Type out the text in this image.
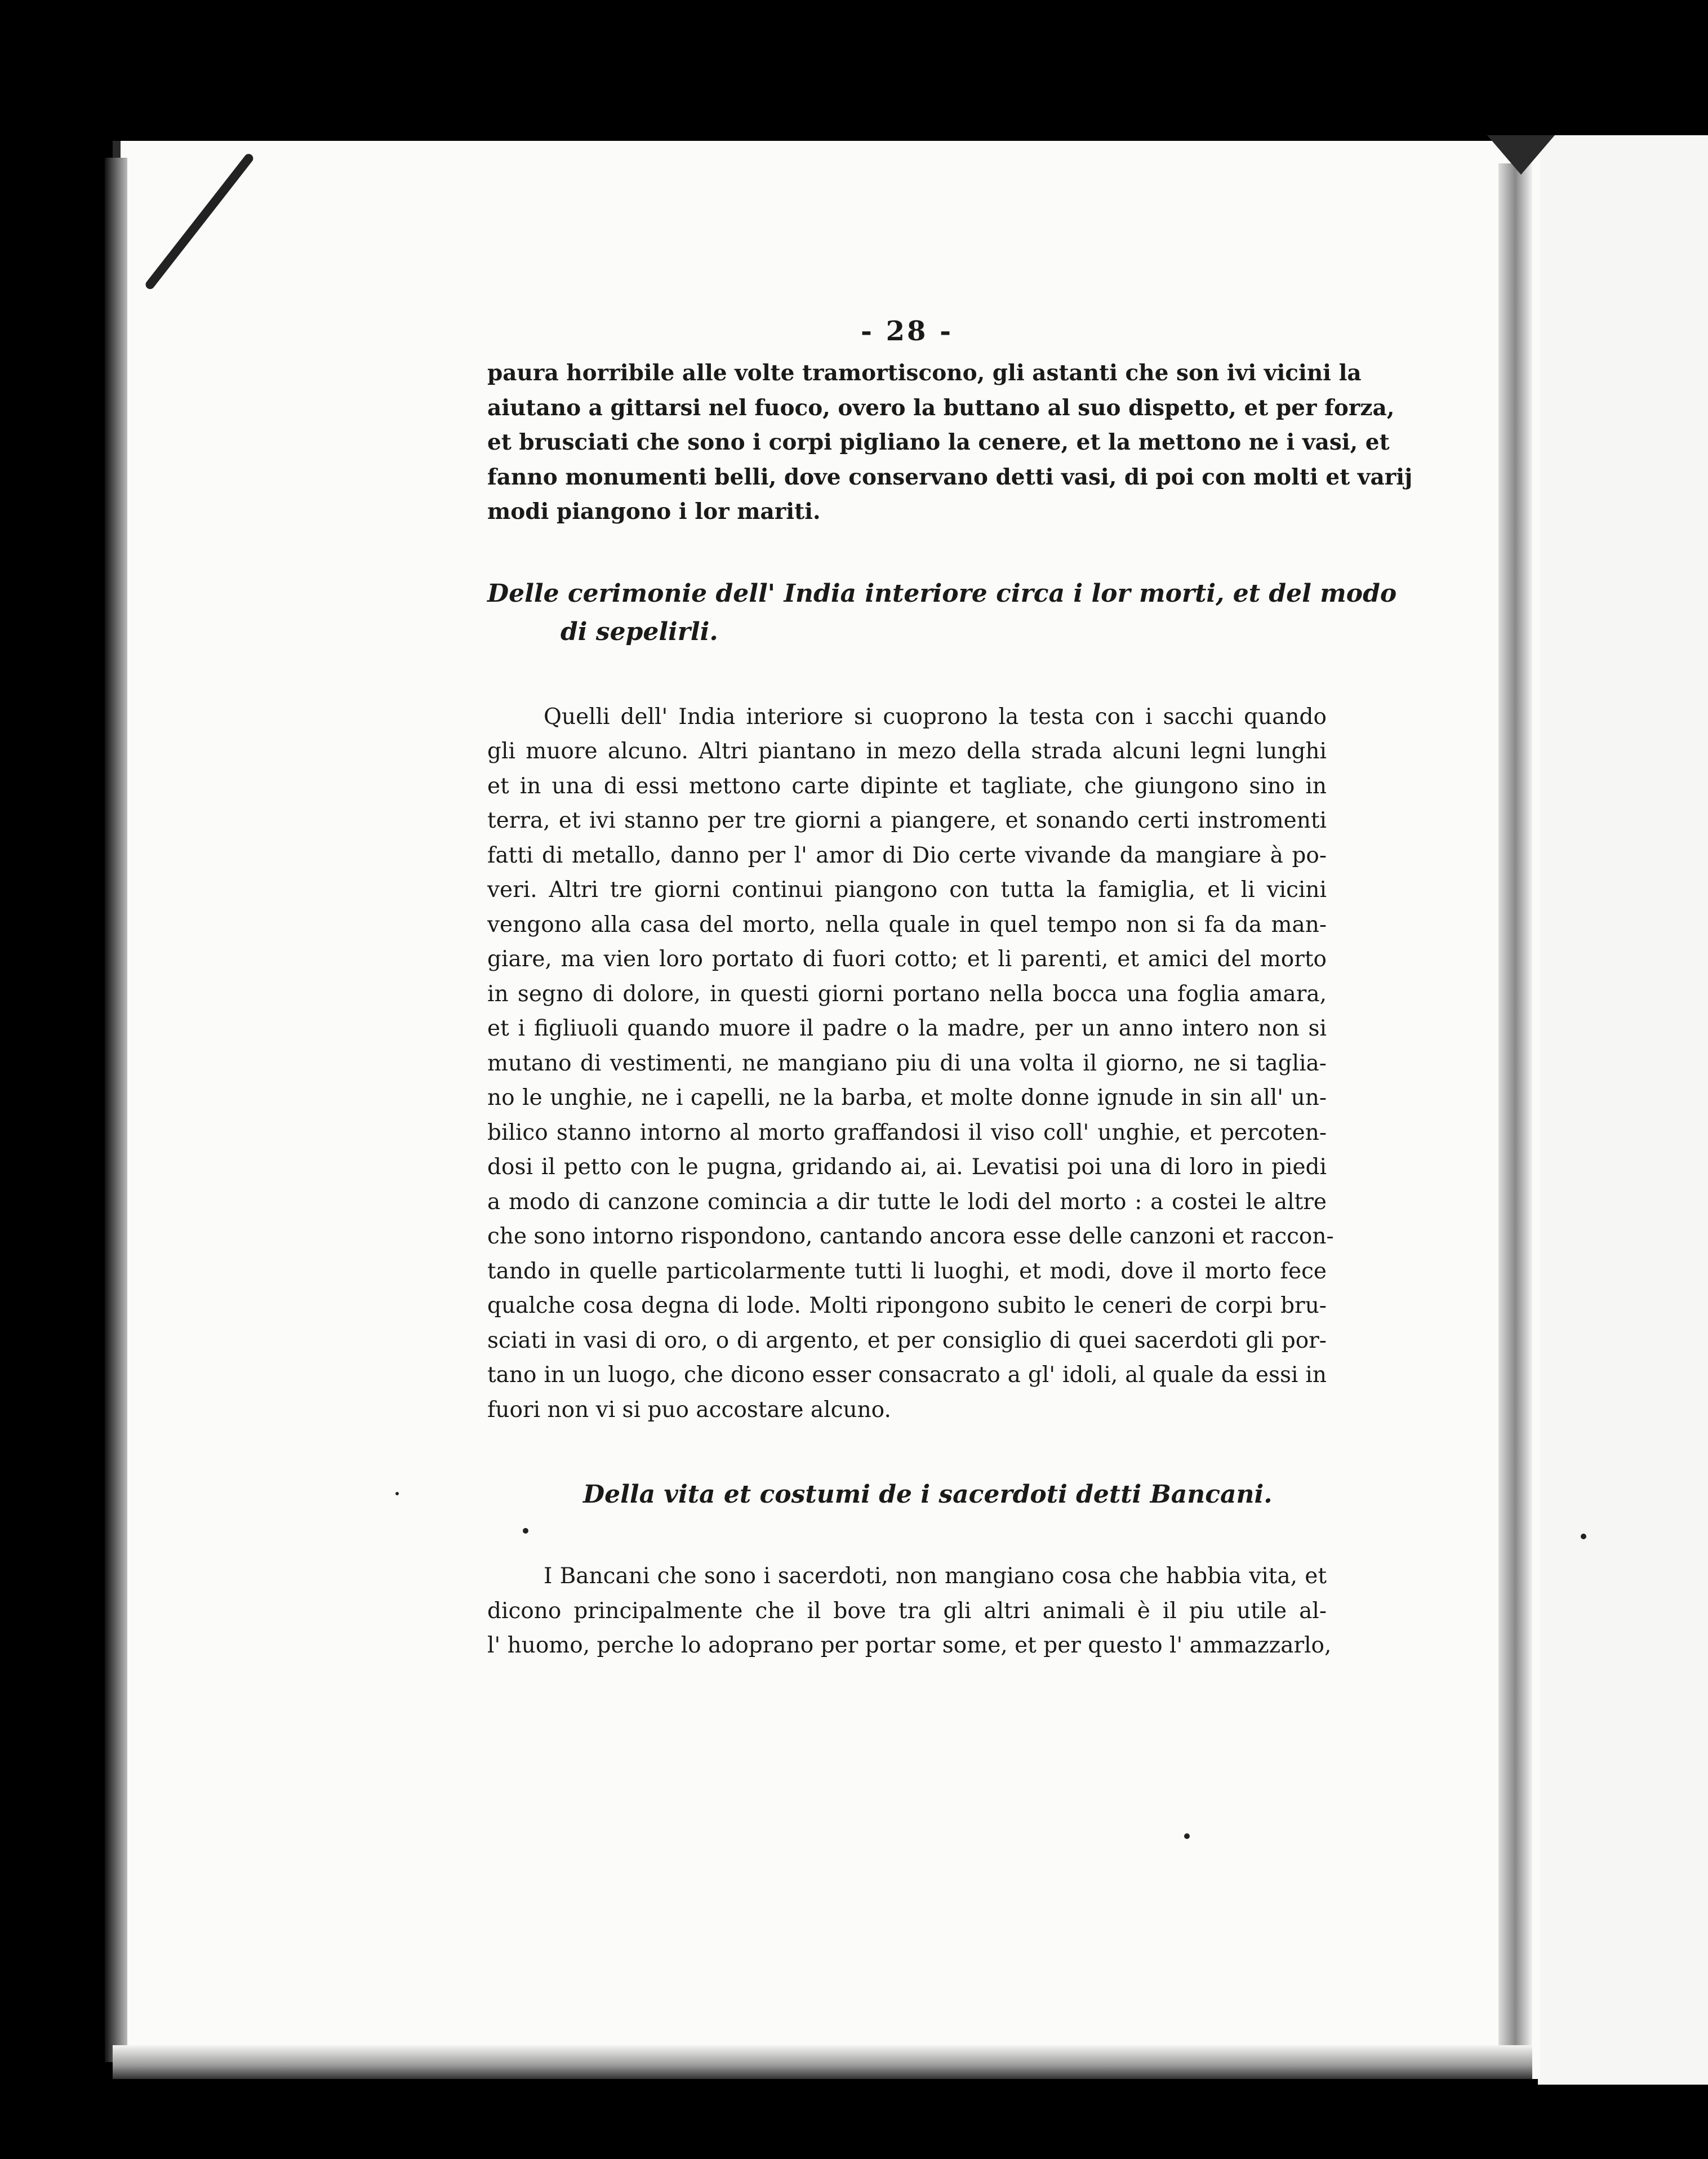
- 28 -
paura horribile alle volte tramortiscono, gli astanti che son ivi vicini la
aiutano a gittarsi nel fuoco, overo la buttano al suo dispetto, et per forza,
et brusciati che sono i corpi pigliano la cenere, et la mettono ne i vasi, et
fanno monumenti belli, dove conservano detti vasi, di poi con molti et varij
modi piangono i lor mariti.
Delle cerimonie dell' India interiore circa i lor morti, et del modo
di sepelirli.
Quelli dell' India interiore si cuoprono la testa con i sacchi quando
gli muore alcuno. Altri piantano in mezo della strada alcuni legni lunghi
et in una di essi mettono carte dipinte et tagliate, che giungono sino in
terra, et ivi stanno per tre giorni a piangere, et sonando certi instromenti
fatti di metallo, danno per l' amor di Dio certe vivande da mangiare à po-
veri. Altri tre giorni continui piangono con tutta la famiglia, et li vicini
vengono alla casa del morto, nella quale in quel tempo non si fa da man-
giare, ma vien loro portato di fuori cotto; et li parenti, et amici del morto
in segno di dolore, in questi giorni portano nella bocca una foglia amara,
et i figliuoli quando muore il padre o la madre, per un anno intero non si
mutano di vestimenti, ne mangiano piu di una volta il giorno, ne si taglia-
no le unghie, ne i capelli, ne la barba, et molte donne ignude in sin all' un-
bilico stanno intorno al morto graffandosi il viso coll' unghie, et percoten-
dosi il petto con le pugna, gridando ai, ai. Levatisi poi una di loro in piedi
a modo di canzone comincia a dir tutte le lodi del morto : a costei le altre
che sono intorno rispondono, cantando ancora esse delle canzoni et raccon-
tando in quelle particolarmente tutti li luoghi, et modi, dove il morto fece
qualche cosa degna di lode. Molti ripongono subito le ceneri de corpi bru-
sciati in vasi di oro, o di argento, et per consiglio di quei sacerdoti gli por-
tano in un luogo, che dicono esser consacrato a gl' idoli, al quale da essi in
fuori non vi si puo accostare alcuno.
Della vita et costumi de i sacerdoti detti Bancani.
I Bancani che sono i sacerdoti, non mangiano cosa che habbia vita, et
dicono principalmente che il bove tra gli altri animali è il piu utile al-
l' huomo, perche lo adoprano per portar some, et per questo l' ammazzarlo,
